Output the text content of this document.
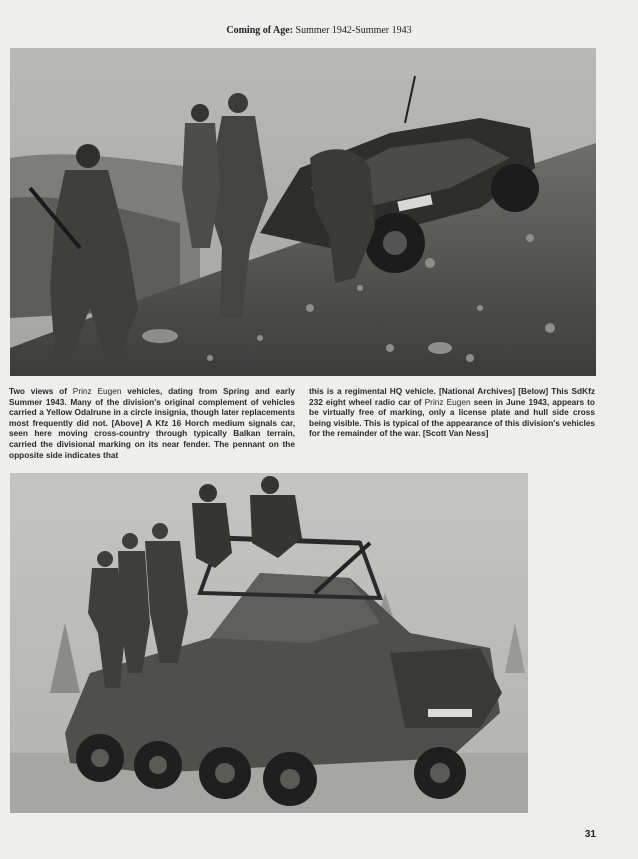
Coming of Age: Summer 1942-Summer 1943
Two views of Prinz Eugen vehicles, dating from Spring and early Summer 1943. Many of the division's original complement of vehicles carried a Yellow Odalrune in a circle insignia, though later replacements most frequently did not. [Above] A Kfz 16 Horch medium signals car, seen here moving cross-country through typically Balkan terrain, carried the divisional marking on its near fender. The pennant on the opposite side indicates that
this is a regimental HQ vehicle. [National Archives] [Below] This SdKfz 232 eight wheel radio car of Prinz Eugen seen in June 1943, appears to be virtually free of marking, only a license plate and hull side cross being visible. This is typical of the appearance of this division's vehicles for the remainder of the war. [Scott Van Ness]
31
